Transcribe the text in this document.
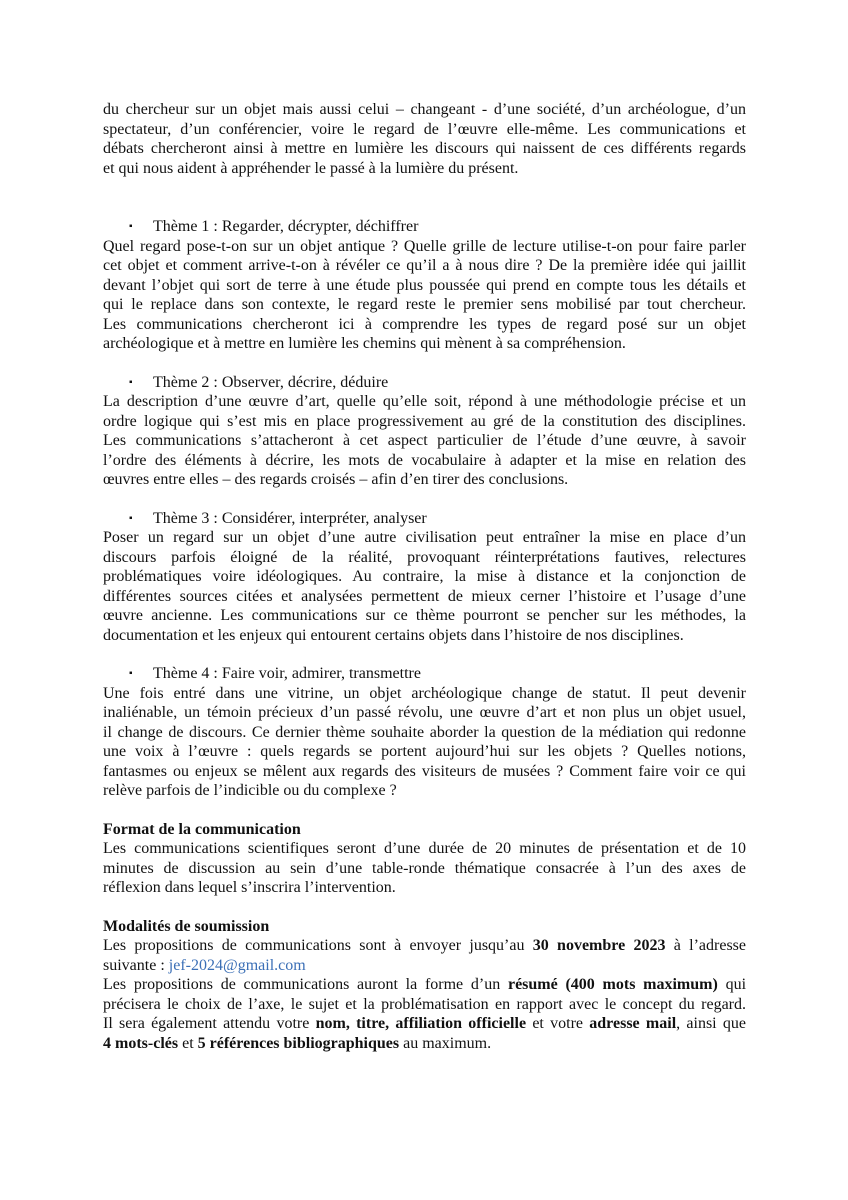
du chercheur sur un objet mais aussi celui – changeant - d’une société, d’un archéologue, d’un
spectateur, d’un conférencier, voire le regard de l’œuvre elle-même. Les communications et
débats chercheront ainsi à mettre en lumière les discours qui naissent de ces différents regards
et qui nous aident à appréhender le passé à la lumière du présent.
▪ Thème 1 : Regarder, décrypter, déchiffrer
Quel regard pose-t-on sur un objet antique ? Quelle grille de lecture utilise-t-on pour faire parler
cet objet et comment arrive-t-on à révéler ce qu’il a à nous dire ? De la première idée qui jaillit
devant l’objet qui sort de terre à une étude plus poussée qui prend en compte tous les détails et
qui le replace dans son contexte, le regard reste le premier sens mobilisé par tout chercheur.
Les communications chercheront ici à comprendre les types de regard posé sur un objet
archéologique et à mettre en lumière les chemins qui mènent à sa compréhension.
▪ Thème 2 : Observer, décrire, déduire
La description d’une œuvre d’art, quelle qu’elle soit, répond à une méthodologie précise et un
ordre logique qui s’est mis en place progressivement au gré de la constitution des disciplines.
Les communications s’attacheront à cet aspect particulier de l’étude d’une œuvre, à savoir
l’ordre des éléments à décrire, les mots de vocabulaire à adapter et la mise en relation des
œuvres entre elles – des regards croisés – afin d’en tirer des conclusions.
▪ Thème 3 : Considérer, interpréter, analyser
Poser un regard sur un objet d’une autre civilisation peut entraîner la mise en place d’un
discours parfois éloigné de la réalité, provoquant réinterprétations fautives, relectures
problématiques voire idéologiques. Au contraire, la mise à distance et la conjonction de
différentes sources citées et analysées permettent de mieux cerner l’histoire et l’usage d’une
œuvre ancienne. Les communications sur ce thème pourront se pencher sur les méthodes, la
documentation et les enjeux qui entourent certains objets dans l’histoire de nos disciplines.
▪ Thème 4 : Faire voir, admirer, transmettre
Une fois entré dans une vitrine, un objet archéologique change de statut. Il peut devenir
inaliénable, un témoin précieux d’un passé révolu, une œuvre d’art et non plus un objet usuel,
il change de discours. Ce dernier thème souhaite aborder la question de la médiation qui redonne
une voix à l’œuvre : quels regards se portent aujourd’hui sur les objets ? Quelles notions,
fantasmes ou enjeux se mêlent aux regards des visiteurs de musées ? Comment faire voir ce qui
relève parfois de l’indicible ou du complexe ?
Format de la communication
Les communications scientifiques seront d’une durée de 20 minutes de présentation et de 10
minutes de discussion au sein d’une table-ronde thématique consacrée à l’un des axes de
réflexion dans lequel s’inscrira l’intervention.
Modalités de soumission
Les propositions de communications sont à envoyer jusqu’au 30 novembre 2023 à l’adresse
suivante : jef-2024@gmail.com
Les propositions de communications auront la forme d’un résumé (400 mots maximum) qui
précisera le choix de l’axe, le sujet et la problématisation en rapport avec le concept du regard.
Il sera également attendu votre nom, titre, affiliation officielle et votre adresse mail, ainsi que
4 mots-clés et 5 références bibliographiques au maximum.
